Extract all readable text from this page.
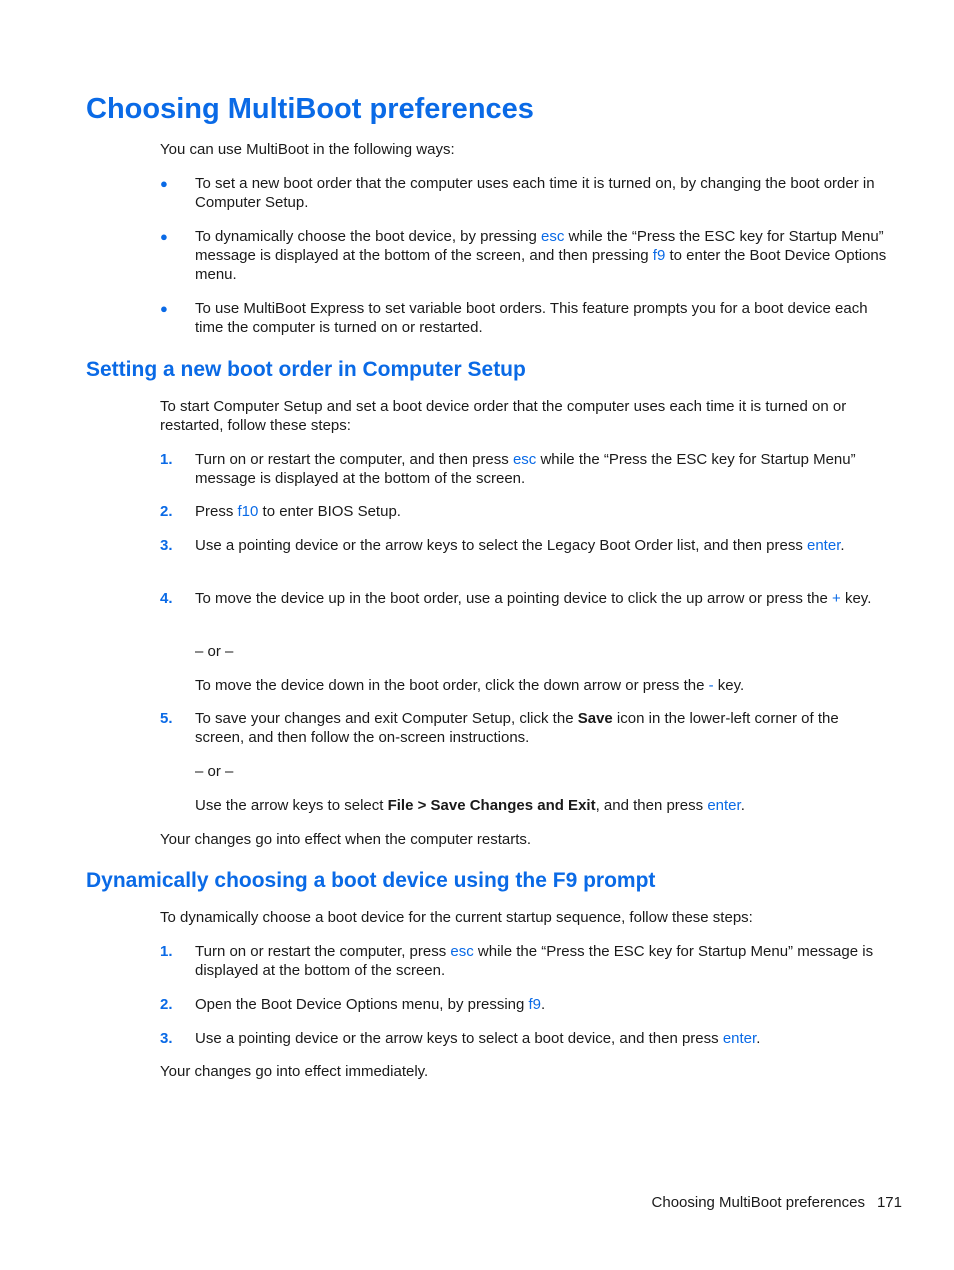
Choosing MultiBoot preferences

You can use MultiBoot in the following ways:

● To set a new boot order that the computer uses each time it is turned on, by changing the boot order in Computer Setup.
● To dynamically choose the boot device, by pressing esc while the “Press the ESC key for Startup Menu” message is displayed at the bottom of the screen, and then pressing f9 to enter the Boot Device Options menu.
● To use MultiBoot Express to set variable boot orders. This feature prompts you for a boot device each time the computer is turned on or restarted.
Setting a new boot order in Computer Setup

To start Computer Setup and set a boot device order that the computer uses each time it is turned on or restarted, follow these steps:

1. Turn on or restart the computer, and then press esc while the “Press the ESC key for Startup Menu” message is displayed at the bottom of the screen.
2. Press f10 to enter BIOS Setup.
3. Use a pointing device or the arrow keys to select the Legacy Boot Order list, and then press enter.
4. To move the device up in the boot order, use a pointing device to click the up arrow or press the + key.
– or –
To move the device down in the boot order, click the down arrow or press the - key.
5. To save your changes and exit Computer Setup, click the Save icon in the lower-left corner of the screen, and then follow the on-screen instructions.
– or –
Use the arrow keys to select File > Save Changes and Exit, and then press enter.

Your changes go into effect when the computer restarts.

Dynamically choosing a boot device using the F9 prompt

To dynamically choose a boot device for the current startup sequence, follow these steps:

1. Turn on or restart the computer, press esc while the “Press the ESC key for Startup Menu” message is displayed at the bottom of the screen.
2. Open the Boot Device Options menu, by pressing f9.
3. Use a pointing device or the arrow keys to select a boot device, and then press enter.

Your changes go into effect immediately.

Choosing MultiBoot preferences 171
